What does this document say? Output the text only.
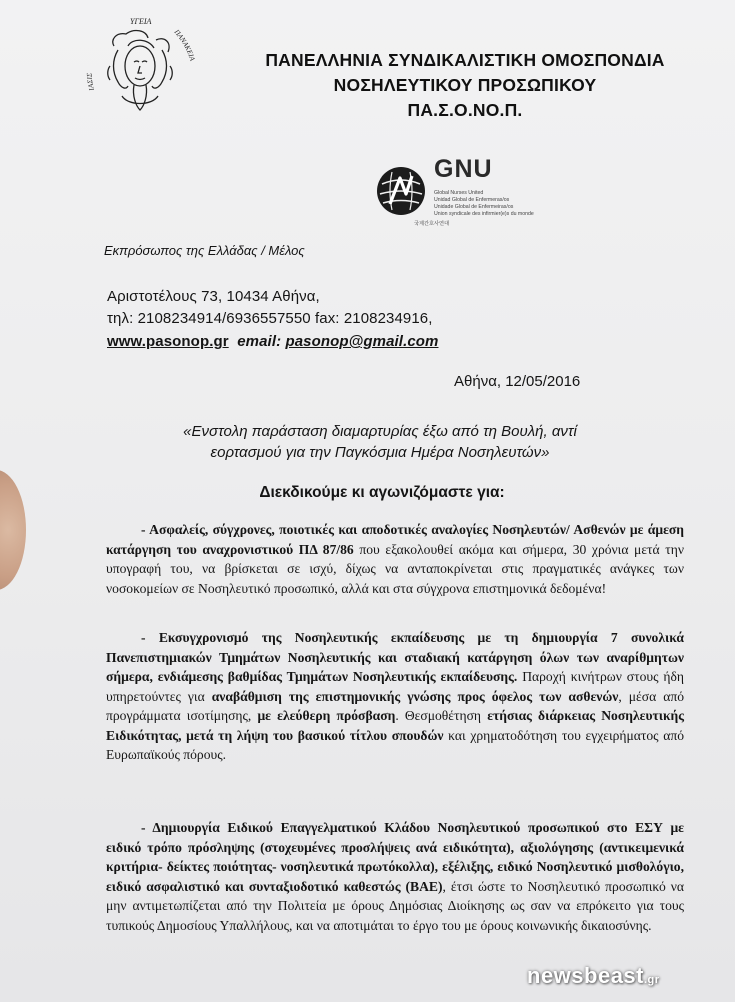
ΙΑΣΙΣ
ΥΓΕΙΑ
ΠΑΝΑΚΕΙΑ	ΠΑΝΕΛΛΗΝΙΑ ΣΥΝΔΙΚΑΛΙΣΤΙΚΗ ΟΜΟΣΠΟΝΔΙΑ
ΝΟΣΗΛΕΥΤΙΚΟΥ ΠΡΟΣΩΠΙΚΟΥ
ΠΑ.Σ.Ο.ΝΟ.Π.
GNU
Global Nurses United
Unidad Global de Enfermeras/os
Unidade Global de Enfermeiras/os
Union syndicale des infirmier(e)s du monde
국제간호사연대
Εκπρόσωπος της Ελλάδας / Μέλος
Αριστοτέλους 73, 10434 Αθήνα,
τηλ: 2108234914/6936557550 fax: 2108234916,
www.pasonop.gr email: pasonop@gmail.com
Αθήνα, 12/05/2016
«Ενστολη παράσταση διαμαρτυρίας έξω από τη Βουλή, αντί
εορτασμού για την Παγκόσμια Ημέρα Νοσηλευτών»
Διεκδικούμε κι αγωνιζόμαστε για:

- Ασφαλείς, σύγχρονες, ποιοτικές και αποδοτικές αναλογίες Νοσηλευτών/ Ασθενών με άμεση κατάργηση του αναχρονιστικού ΠΔ 87/86 που εξακολουθεί ακόμα και σήμερα, 30 χρόνια μετά την υπογραφή του, να βρίσκεται σε ισχύ, δίχως να ανταποκρίνεται στις πραγματικές ανάγκες των νοσοκομείων σε Νοσηλευτικό προσωπικό, αλλά και στα σύγχρονα επιστημονικά δεδομένα!

- Εκσυγχρονισμό της Νοσηλευτικής εκπαίδευσης με τη δημιουργία 7 συνολικά Πανεπιστημιακών Τμημάτων Νοσηλευτικής και σταδιακή κατάργηση όλων των αναρίθμητων σήμερα, ενδιάμεσης βαθμίδας Τμημάτων Νοσηλευτικής εκπαίδευσης. Παροχή κινήτρων στους ήδη υπηρετούντες για αναβάθμιση της επιστημονικής γνώσης προς όφελος των ασθενών, μέσα από προγράμματα ισοτίμησης, με ελεύθερη πρόσβαση. Θεσμοθέτηση ετήσιας διάρκειας Νοσηλευτικής Ειδικότητας, μετά τη λήψη του βασικού τίτλου σπουδών και χρηματοδότηση του εγχειρήματος από Ευρωπαϊκούς πόρους.

- Δημιουργία Ειδικού Επαγγελματικού Κλάδου Νοσηλευτικού προσωπικού στο ΕΣΥ με ειδικό τρόπο πρόσληψης (στοχευμένες προσλήψεις ανά ειδικότητα), αξιολόγησης (αντικειμενικά κριτήρια- δείκτες ποιότητας- νοσηλευτικά πρωτόκολλα), εξέλιξης, ειδικό Νοσηλευτικό μισθολόγιο, ειδικό ασφαλιστικό και συνταξιοδοτικό καθεστώς (ΒΑΕ), έτσι ώστε το Νοσηλευτικό προσωπικό να μην αντιμετωπίζεται από την Πολιτεία με όρους Δημόσιας Διοίκησης ως σαν να επρόκειτο για τους τυπικούς Δημοσίους Υπαλλήλους, και να αποτιμάται το έργο του με όρους κοινωνικής δικαιοσύνης.

newsbeast.gr
